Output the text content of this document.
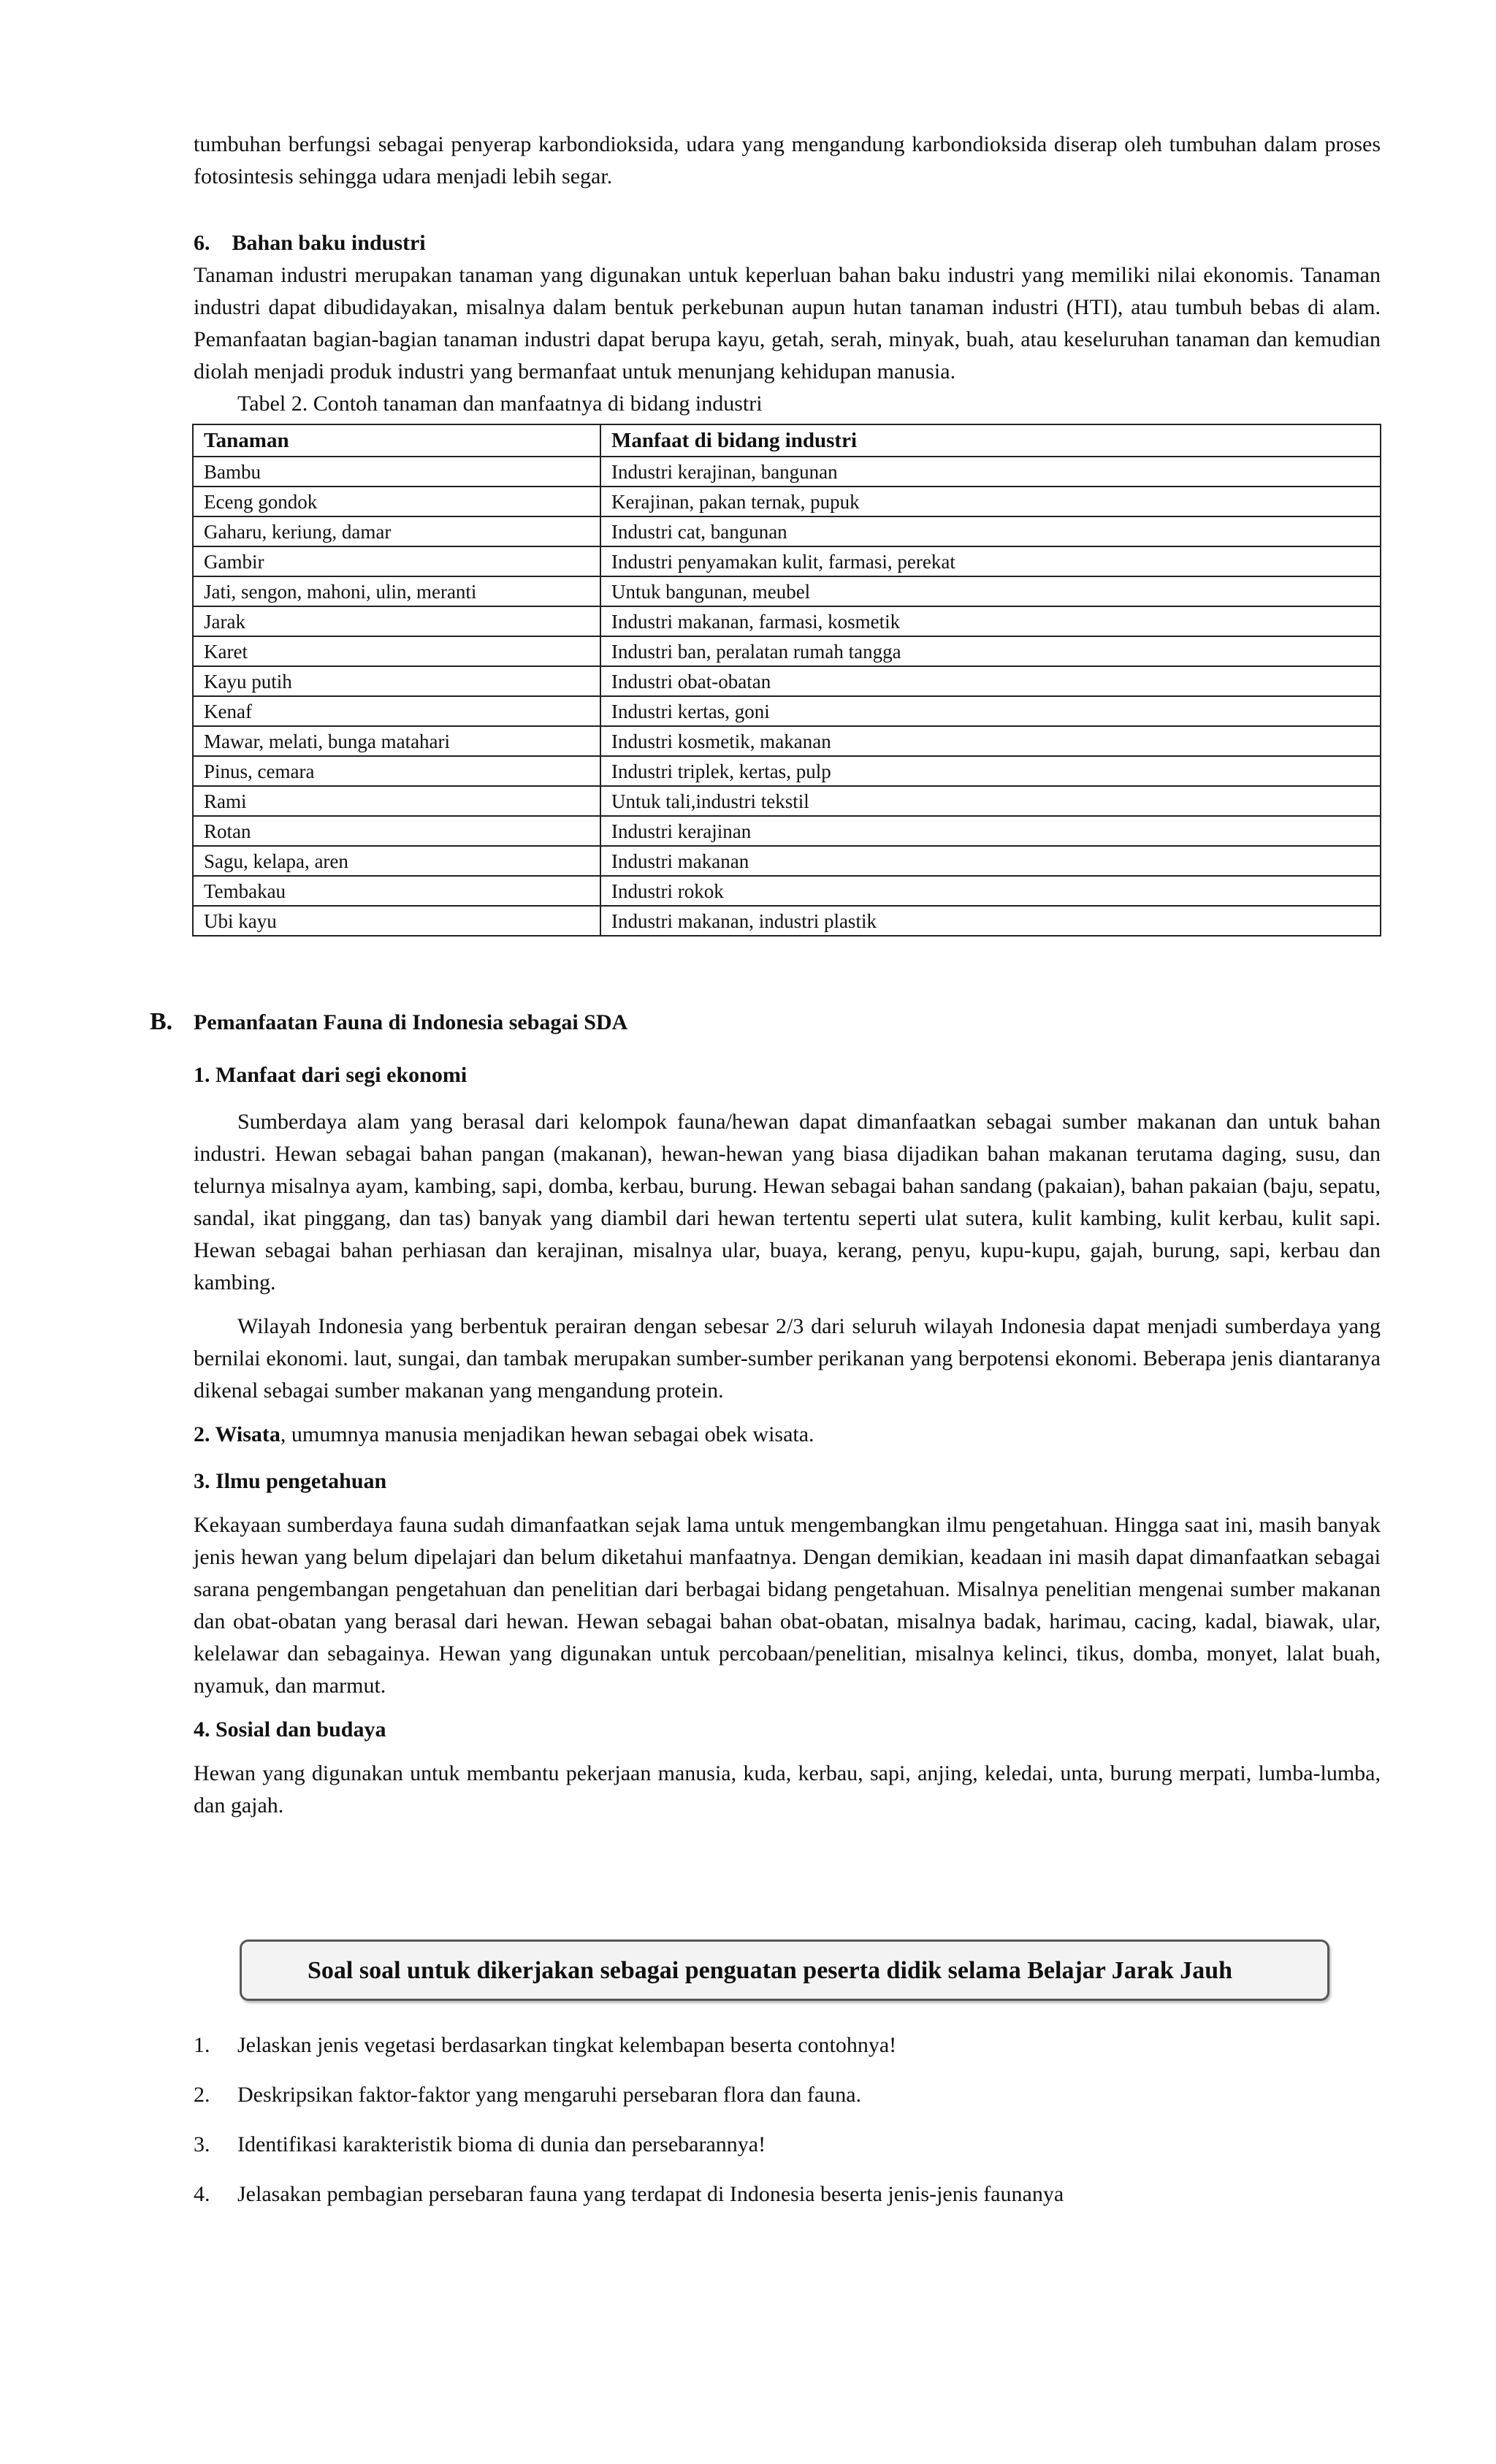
tumbuhan berfungsi sebagai penyerap karbondioksida, udara yang mengandung karbondioksida diserap oleh tumbuhan dalam proses fotosintesis sehingga udara menjadi lebih segar.

6.    Bahan baku industri

Tanaman industri merupakan tanaman yang digunakan untuk keperluan bahan baku industri yang memiliki nilai ekonomis. Tanaman industri dapat dibudidayakan, misalnya dalam bentuk perkebunan aupun hutan tanaman industri (HTI), atau tumbuh bebas di alam. Pemanfaatan bagian-bagian tanaman industri dapat berupa kayu, getah, serah, minyak, buah, atau keseluruhan tanaman dan kemudian diolah menjadi produk industri yang bermanfaat untuk menunjang kehidupan manusia.

Tabel 2. Contoh tanaman dan manfaatnya di bidang industri

Tanaman	Manfaat di bidang industri
Bambu	Industri kerajinan, bangunan
Eceng gondok	Kerajinan, pakan ternak, pupuk
Gaharu, keriung, damar	Industri cat, bangunan
Gambir	Industri penyamakan kulit, farmasi, perekat
Jati, sengon, mahoni, ulin, meranti	Untuk bangunan, meubel
Jarak	Industri makanan, farmasi, kosmetik
Karet	Industri ban, peralatan rumah tangga
Kayu putih	Industri obat-obatan
Kenaf	Industri kertas, goni
Mawar, melati, bunga matahari	Industri kosmetik, makanan
Pinus, cemara	Industri triplek, kertas, pulp
Rami	Untuk tali,industri tekstil
Rotan	Industri kerajinan
Sagu, kelapa, aren	Industri makanan
Tembakau	Industri rokok
Ubi kayu	Industri makanan, industri plastik
B. Pemanfaatan Fauna di Indonesia sebagai SDA
1. Manfaat dari segi ekonomi

Sumberdaya alam yang berasal dari kelompok fauna/hewan dapat dimanfaatkan sebagai sumber makanan dan untuk bahan industri. Hewan sebagai bahan pangan (makanan), hewan-hewan yang biasa dijadikan bahan makanan terutama daging, susu, dan telurnya misalnya ayam, kambing, sapi, domba, kerbau, burung. Hewan sebagai bahan sandang (pakaian), bahan pakaian (baju, sepatu, sandal, ikat pinggang, dan tas) banyak yang diambil dari hewan tertentu seperti ulat sutera, kulit kambing, kulit kerbau, kulit sapi. Hewan sebagai bahan perhiasan dan kerajinan, misalnya ular, buaya, kerang, penyu, kupu-kupu, gajah, burung, sapi, kerbau dan kambing.

Wilayah Indonesia yang berbentuk perairan dengan sebesar 2/3 dari seluruh wilayah Indonesia dapat menjadi sumberdaya yang bernilai ekonomi. laut, sungai, dan tambak merupakan sumber-sumber perikanan yang berpotensi ekonomi. Beberapa jenis diantaranya dikenal sebagai sumber makanan yang mengandung protein.

2. Wisata, umumnya manusia menjadikan hewan sebagai obek wisata.

3. Ilmu pengetahuan

Kekayaan sumberdaya fauna sudah dimanfaatkan sejak lama untuk mengembangkan ilmu pengetahuan. Hingga saat ini, masih banyak jenis hewan yang belum dipelajari dan belum diketahui manfaatnya. Dengan demikian, keadaan ini masih dapat dimanfaatkan sebagai sarana pengembangan pengetahuan dan penelitian dari berbagai bidang pengetahuan. Misalnya penelitian mengenai sumber makanan dan obat-obatan yang berasal dari hewan. Hewan sebagai bahan obat-obatan, misalnya badak, harimau, cacing, kadal, biawak, ular, kelelawar dan sebagainya. Hewan yang digunakan untuk percobaan/penelitian, misalnya kelinci, tikus, domba, monyet, lalat buah, nyamuk, dan marmut.

4. Sosial dan budaya

Hewan yang digunakan untuk membantu pekerjaan manusia, kuda, kerbau, sapi, anjing, keledai, unta, burung merpati, lumba-lumba, dan gajah.

Soal soal untuk dikerjakan sebagai penguatan peserta didik selama Belajar Jarak Jauh
1.	Jelaskan jenis vegetasi berdasarkan tingkat kelembapan beserta contohnya!
2.	Deskripsikan faktor-faktor yang mengaruhi persebaran flora dan fauna.
3.	Identifikasi karakteristik bioma di dunia dan persebarannya!
4.	Jelasakan pembagian persebaran fauna yang terdapat di Indonesia beserta jenis-jenis faunanya
